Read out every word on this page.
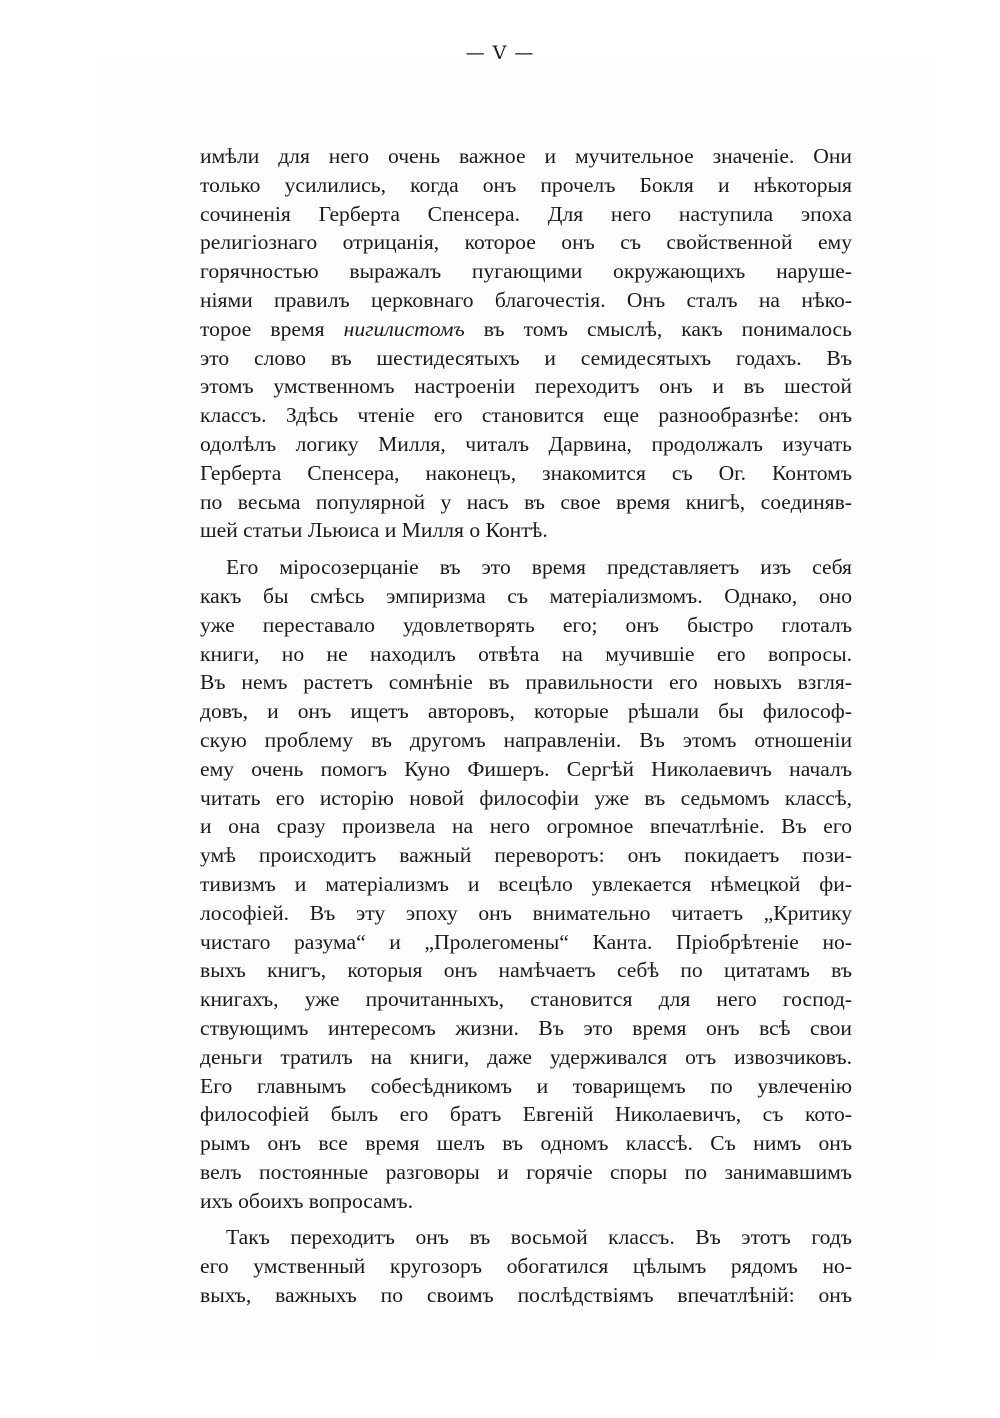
— V —
имѣли для него очень важное и мучительное значенiе. Они
только усилились, когда онъ прочелъ Бокля и нѣкоторыя
сочиненiя Герберта Спенсера. Для него наступила эпоха
религiознаго отрицанiя, которое онъ съ свойственной ему
горячностью выражалъ пугающими окружающихъ наруше-
нiями правилъ церковнаго благочестiя. Онъ сталъ на нѣко-
торое время нигилистомъ въ томъ смыслѣ, какъ понималось
это слово въ шестидесятыхъ и семидесятыхъ годахъ. Въ
этомъ умственномъ настроенiи переходитъ онъ и въ шестой
классъ. Здѣсь чтенiе его становится еще разнообразнѣе: онъ
одолѣлъ логику Милля, читалъ Дарвина, продолжалъ изучать
Герберта Спенсера, наконецъ, знакомится съ Ог. Контомъ
по весьма популярной у насъ въ свое время книгѣ, соединяв-
шей статьи Льюиса и Милля о Контѣ.
Его мiросозерцанiе въ это время представляетъ изъ себя
какъ бы смѣсь эмпиризма съ матерiализмомъ. Однако, оно
уже переставало удовлетворять его; онъ быстро глоталъ
книги, но не находилъ отвѣта на мучившiе его вопросы.
Въ немъ растетъ сомнѣнiе въ правильности его новыхъ взгля-
довъ, и онъ ищетъ авторовъ, которые рѣшали бы философ-
скую проблему въ другомъ направленiи. Въ этомъ отношенiи
ему очень помогъ Куно Фишеръ. Сергѣй Николаевичъ началъ
читать его исторiю новой философiи уже въ седьмомъ классѣ,
и она сразу произвела на него огромное впечатлѣнiе. Въ его
умѣ происходитъ важный переворотъ: онъ покидаетъ пози-
тивизмъ и матерiализмъ и всецѣло увлекается нѣмецкой фи-
лософiей. Въ эту эпоху онъ внимательно читаетъ „Критику
чистаго разума“ и „Пролегомены“ Канта. Прiобрѣтенiе но-
выхъ книгъ, которыя онъ намѣчаетъ себѣ по цитатамъ въ
книгахъ, уже прочитанныхъ, становится для него господ-
ствующимъ интересомъ жизни. Въ это время онъ всѣ свои
деньги тратилъ на книги, даже удерживался отъ извозчиковъ.
Его главнымъ собесѣдникомъ и товарищемъ по увлеченiю
философiей былъ его братъ Евгенiй Николаевичъ, съ кото-
рымъ онъ все время шелъ въ одномъ классѣ. Съ нимъ онъ
велъ постоянные разговоры и горячiе споры по занимавшимъ
ихъ обоихъ вопросамъ.
Такъ переходитъ онъ въ восьмой классъ. Въ этотъ годъ
его умственный кругозоръ обогатился цѣлымъ рядомъ но-
выхъ, важныхъ по своимъ послѣдствiямъ впечатлѣнiй: онъ
